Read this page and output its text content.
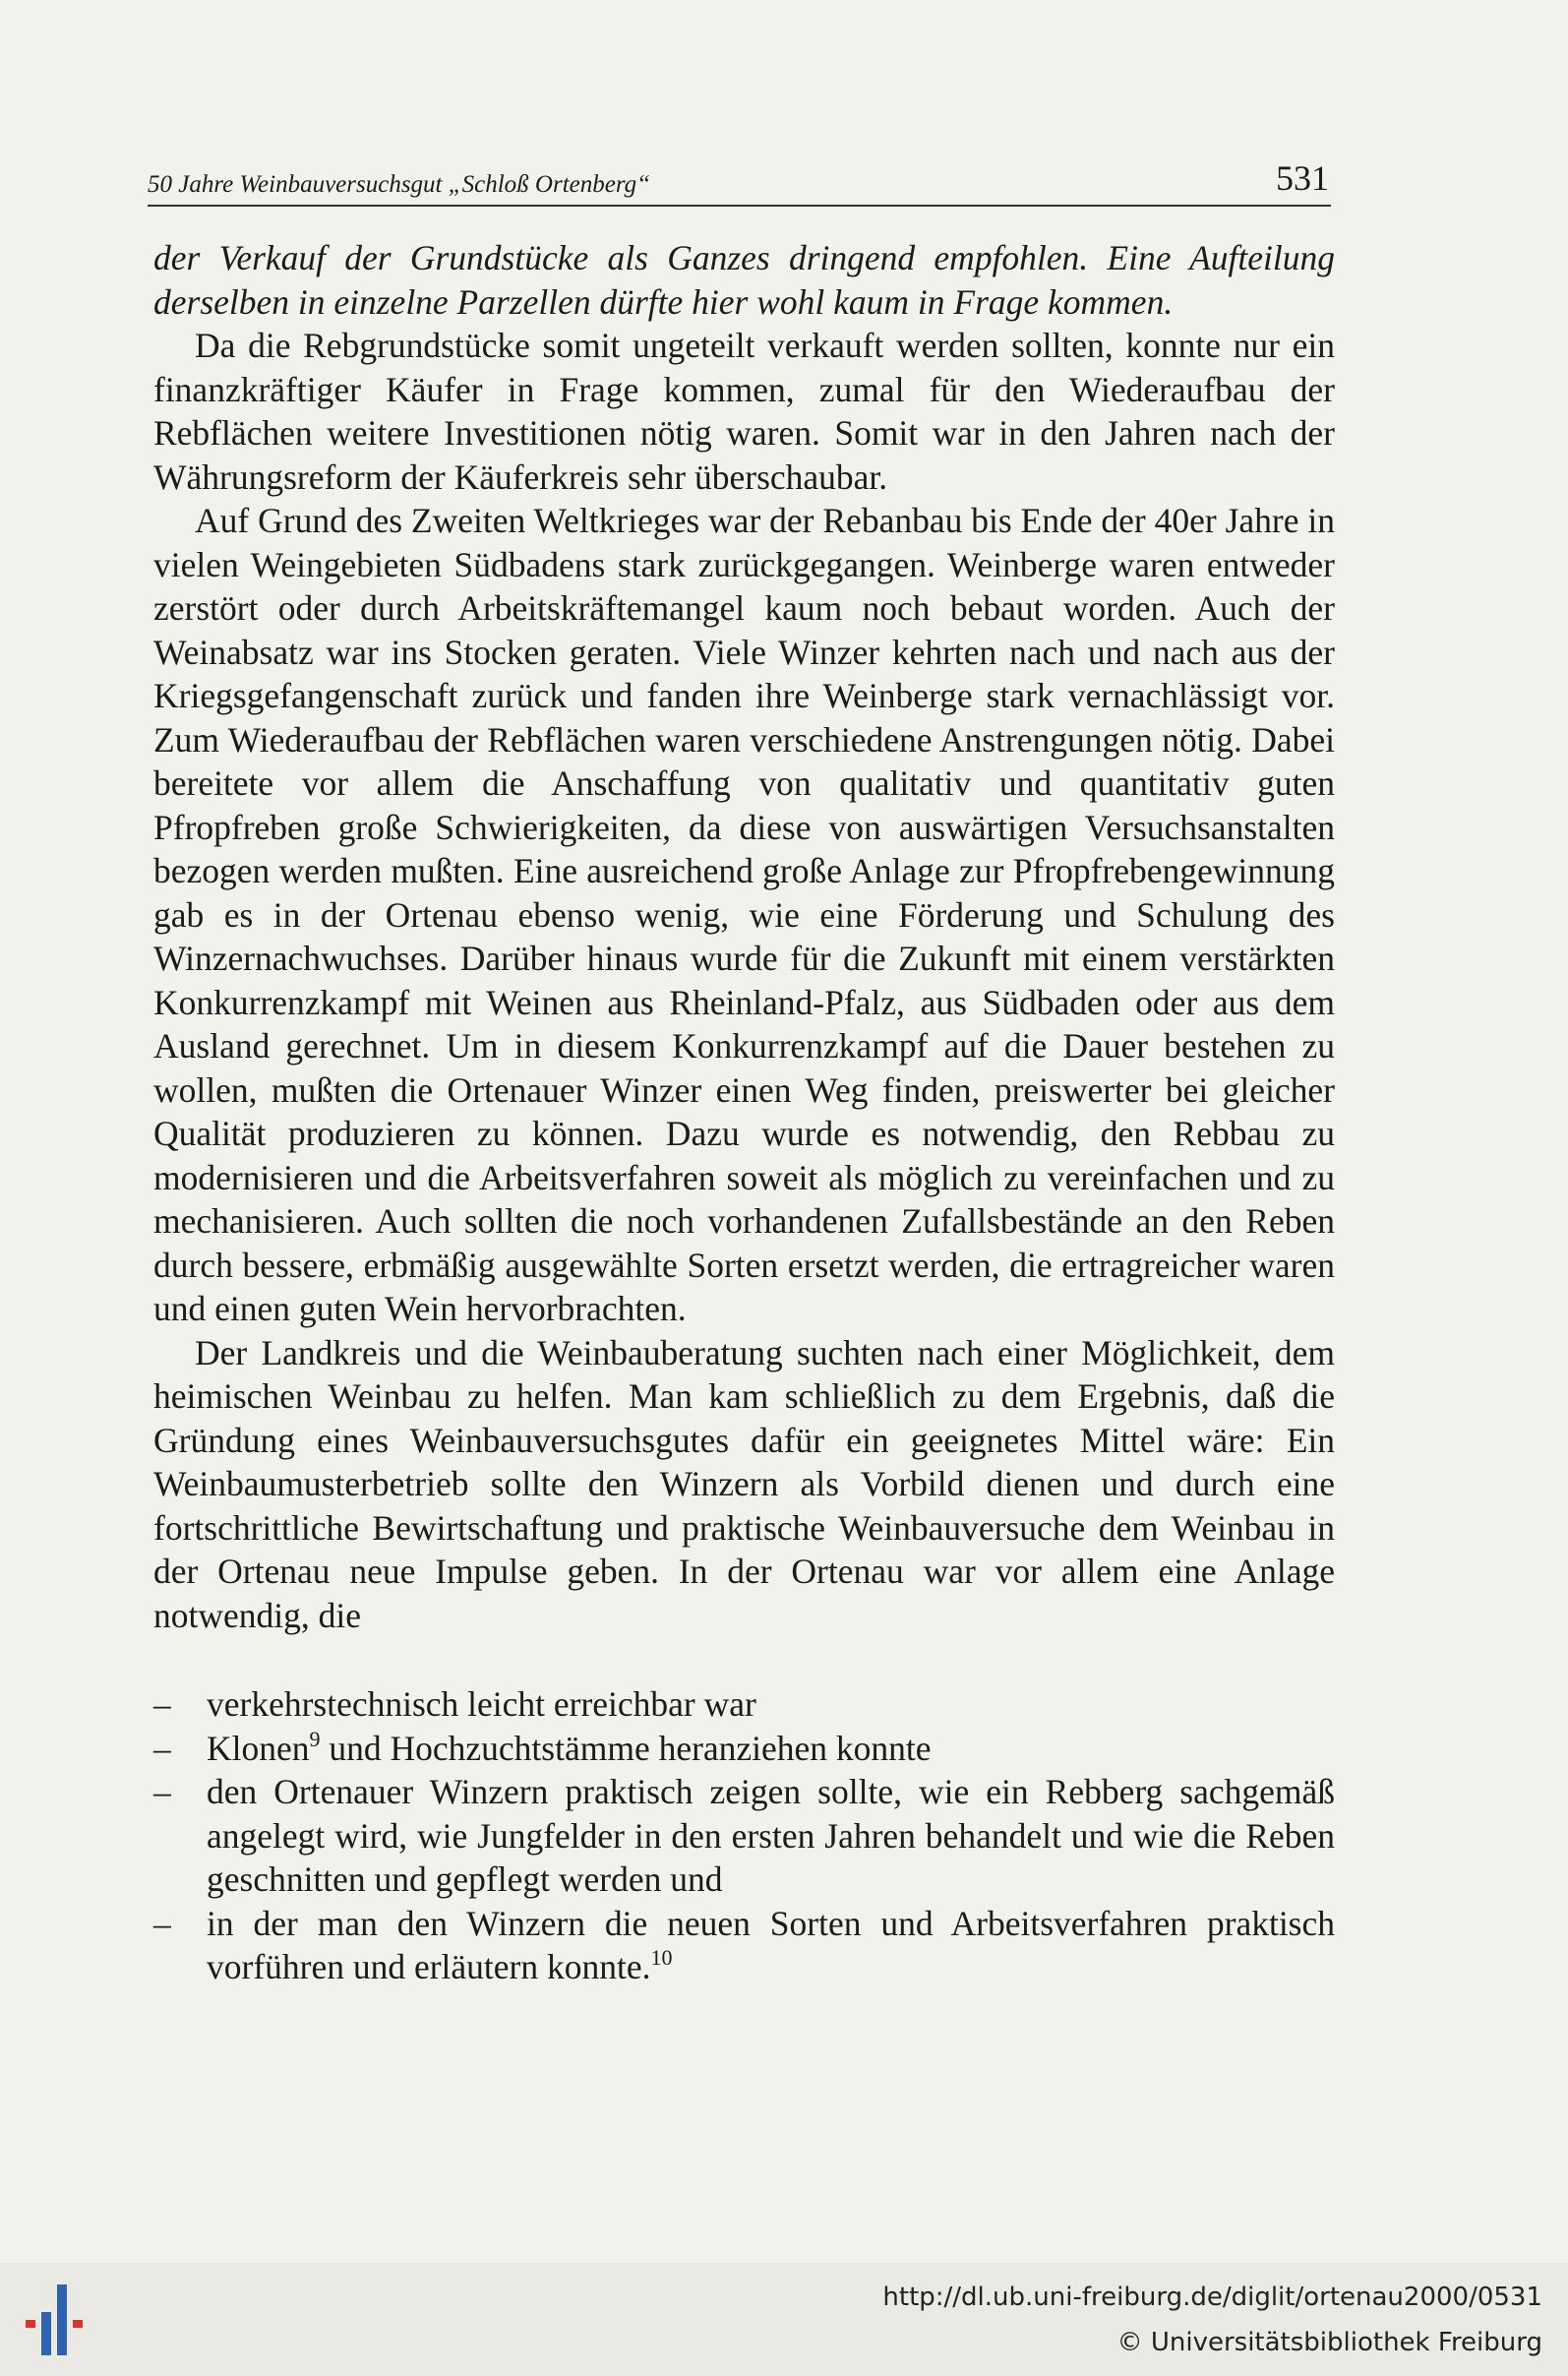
50 Jahre Weinbauversuchsgut „Schloß Ortenberg“	531

der Verkauf der Grundstücke als Ganzes dringend empfohlen. Eine Aufteilung derselben in einzelne Parzellen dürfte hier wohl kaum in Frage kommen.

Da die Rebgrundstücke somit ungeteilt verkauft werden sollten, konnte nur ein finanzkräftiger Käufer in Frage kommen, zumal für den Wiederaufbau der Rebflächen weitere Investitionen nötig waren. Somit war in den Jahren nach der Währungsreform der Käuferkreis sehr überschaubar.

Auf Grund des Zweiten Weltkrieges war der Rebanbau bis Ende der 40er Jahre in vielen Weingebieten Südbadens stark zurückgegangen. Weinberge waren entweder zerstört oder durch Arbeitskräftemangel kaum noch bebaut worden. Auch der Weinabsatz war ins Stocken geraten. Viele Winzer kehrten nach und nach aus der Kriegsgefangenschaft zurück und fanden ihre Weinberge stark vernachlässigt vor. Zum Wiederaufbau der Rebflächen waren verschiedene Anstrengungen nötig. Dabei bereitete vor allem die Anschaffung von qualitativ und quantitativ guten Pfropfreben große Schwierigkeiten, da diese von auswärtigen Versuchsanstalten bezogen werden mußten. Eine ausreichend große Anlage zur Pfropfrebengewinnung gab es in der Ortenau ebenso wenig, wie eine Förderung und Schulung des Winzernachwuchses. Darüber hinaus wurde für die Zukunft mit einem verstärkten Konkurrenzkampf mit Weinen aus Rheinland-Pfalz, aus Südbaden oder aus dem Ausland gerechnet. Um in diesem Konkurrenzkampf auf die Dauer bestehen zu wollen, mußten die Ortenauer Winzer einen Weg finden, preiswerter bei gleicher Qualität produzieren zu können. Dazu wurde es notwendig, den Rebbau zu modernisieren und die Arbeitsverfahren soweit als möglich zu vereinfachen und zu mechanisieren. Auch sollten die noch vorhandenen Zufallsbestände an den Reben durch bessere, erbmäßig ausgewählte Sorten ersetzt werden, die ertragreicher waren und einen guten Wein hervorbrachten.

Der Landkreis und die Weinbauberatung suchten nach einer Möglichkeit, dem heimischen Weinbau zu helfen. Man kam schließlich zu dem Ergebnis, daß die Gründung eines Weinbauversuchsgutes dafür ein geeignetes Mittel wäre: Ein Weinbaumusterbetrieb sollte den Winzern als Vorbild dienen und durch eine fortschrittliche Bewirtschaftung und praktische Weinbauversuche dem Weinbau in der Ortenau neue Impulse geben. In der Ortenau war vor allem eine Anlage notwendig, die

– verkehrstechnisch leicht erreichbar war
– Klonen$^9$ und Hochzuchtstämme heranziehen konnte
– den Ortenauer Winzern praktisch zeigen sollte, wie ein Rebberg sachgemäß angelegt wird, wie Jungfelder in den ersten Jahren behandelt und wie die Reben geschnitten und gepflegt werden und
– in der man den Winzern die neuen Sorten und Arbeitsverfahren praktisch vorführen und erläutern konnte.$^{10}$
http://dl.ub.uni-freiburg.de/diglit/ortenau2000/0531
© Universitätsbibliothek Freiburg
